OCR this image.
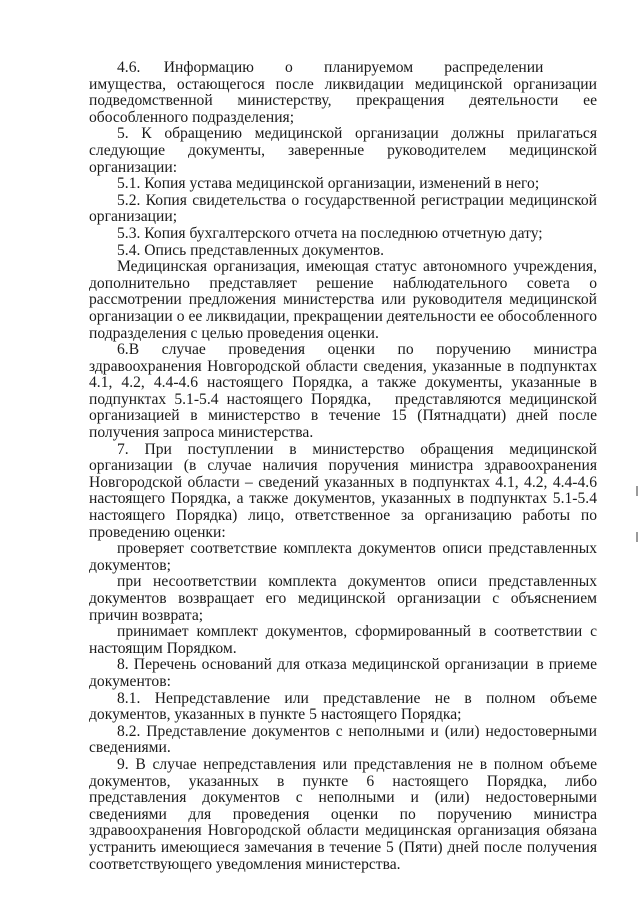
4.6.  Информацию  о  планируемом  распределении  имущества, остающегося после ликвидации медицинской организации подведомственной министерству, прекращения деятельности ее обособленного подразделения;

5. К обращению медицинской организации должны прилагаться следующие документы, заверенные руководителем медицинской организации:

5.1. Копия устава медицинской организации, изменений в него;

5.2. Копия свидетельства о государственной регистрации медицинской организации;

5.3. Копия бухгалтерского отчета на последнюю отчетную дату;

5.4. Опись представленных документов.

Медицинская организация, имеющая статус автономного учреждения, дополнительно представляет решение наблюдательного совета о рассмотрении предложения министерства или руководителя медицинской организации о ее ликвидации, прекращении деятельности ее обособленного подразделения с целью проведения оценки.

6.В случае проведения оценки по поручению министра здравоохранения Новгородской области сведения, указанные в подпунктах 4.1, 4.2, 4.4-4.6 настоящего Порядка, а также документы, указанные в подпунктах 5.1-5.4 настоящего Порядка,  представляются медицинской организацией в министерство в течение 15 (Пятнадцати) дней после получения запроса министерства.

7. При поступлении в министерство обращения медицинской организации (в случае наличия поручения министра здравоохранения Новгородской области – сведений указанных в подпунктах 4.1, 4.2, 4.4-4.6 настоящего Порядка, а также документов, указанных в подпунктах 5.1-5.4 настоящего Порядка) лицо, ответственное за организацию работы по проведению оценки:

проверяет соответствие комплекта документов описи представленных документов;

при несоответствии комплекта документов описи представленных документов возвращает его медицинской организации с объяснением причин возврата;

принимает комплект документов, сформированный в соответствии с настоящим Порядком.

8. Перечень оснований для отказа медицинской организации в приеме документов:

8.1. Непредставление или представление не в полном объеме документов, указанных в пункте 5 настоящего Порядка;

8.2. Представление документов с неполными и (или) недостоверными сведениями.

9. В случае непредставления или представления не в полном объеме документов, указанных в пункте 6 настоящего Порядка, либо представления документов с неполными и (или) недостоверными сведениями для проведения оценки по поручению министра здравоохранения Новгородской области медицинская организация обязана устранить имеющиеся замечания в течение 5 (Пяти) дней после получения соответствующего уведомления министерства.
